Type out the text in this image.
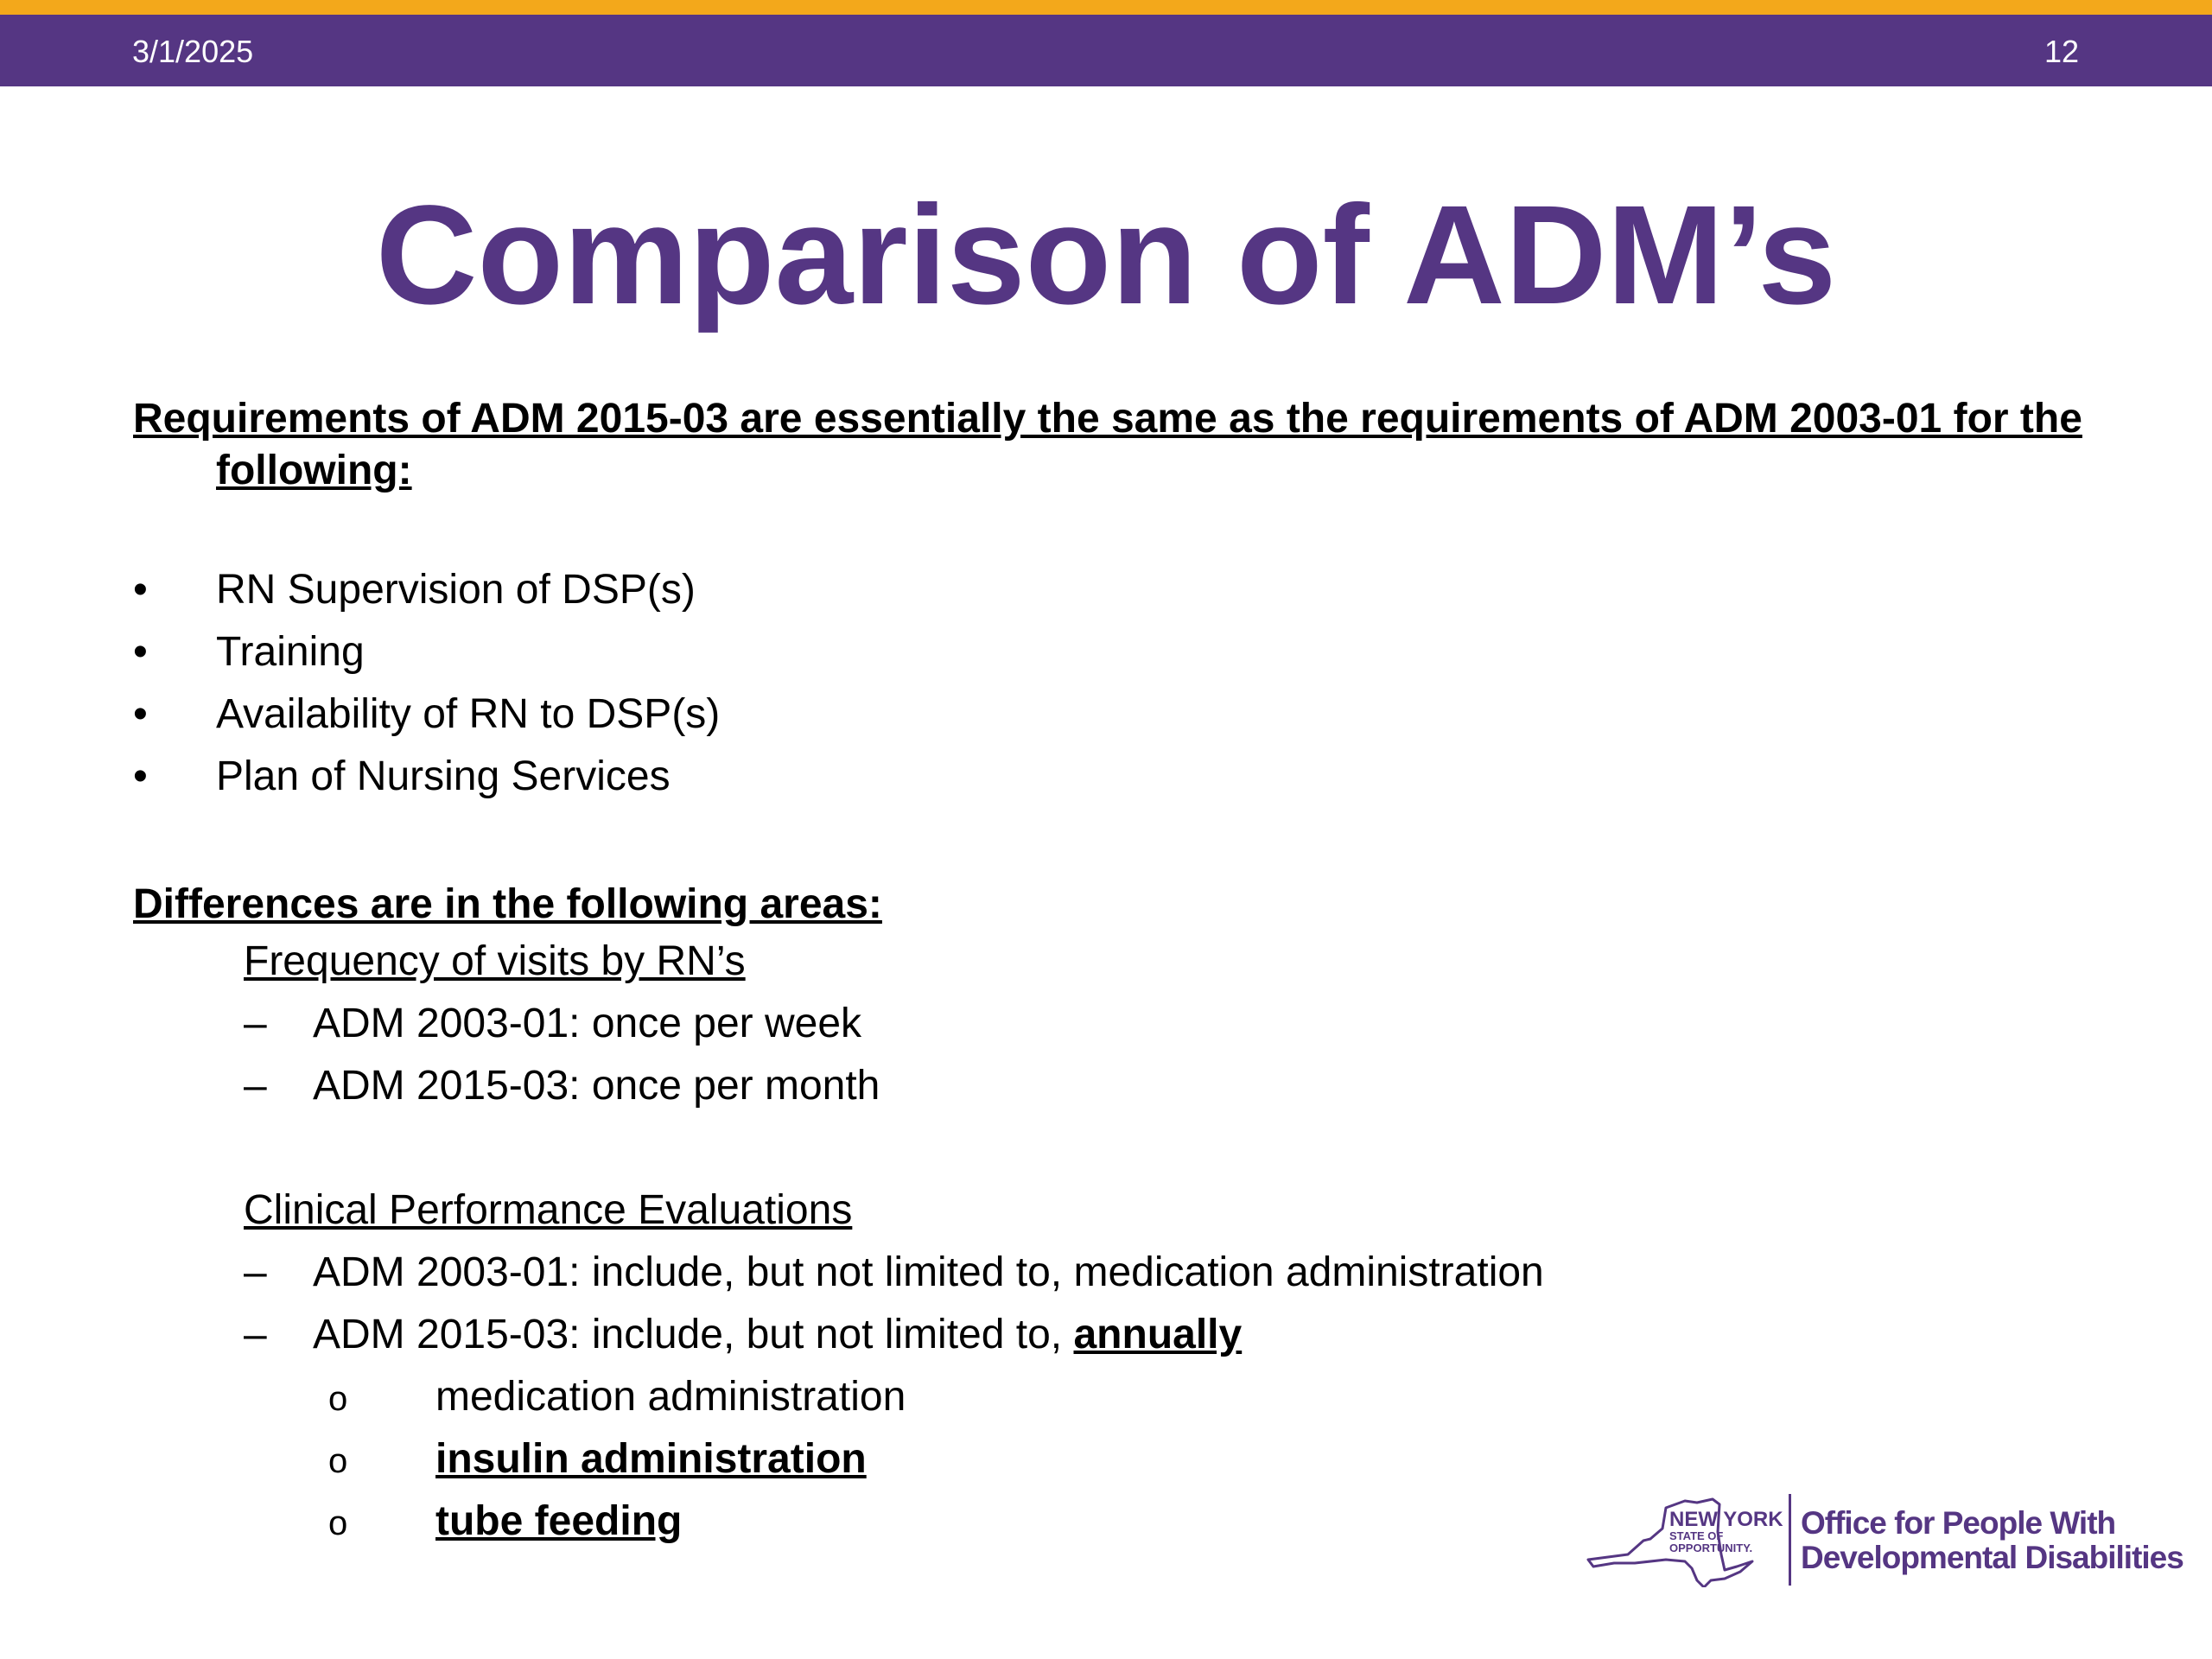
3/1/2025	12
Comparison of ADM’s

Requirements of ADM 2015-03 are essentially the same as the requirements of ADM 2003-01 for the following:

•	RN Supervision of DSP(s)
•	Training
•	Availability of RN to DSP(s)
•	Plan of Nursing Services
Differences are in the following areas:
Frequency of visits by RN’s
–	ADM 2003-01: once per week
–	ADM 2015-03: once per month
Clinical Performance Evaluations
–	ADM 2003-01: include, but not limited to, medication administration
–	ADM 2015-03: include, but not limited to, annually
o	medication administration
o	insulin administration
o	tube feeding	NEW YORK
STATE OF
OPPORTUNITY.
Office for People With
Developmental Disabilities
